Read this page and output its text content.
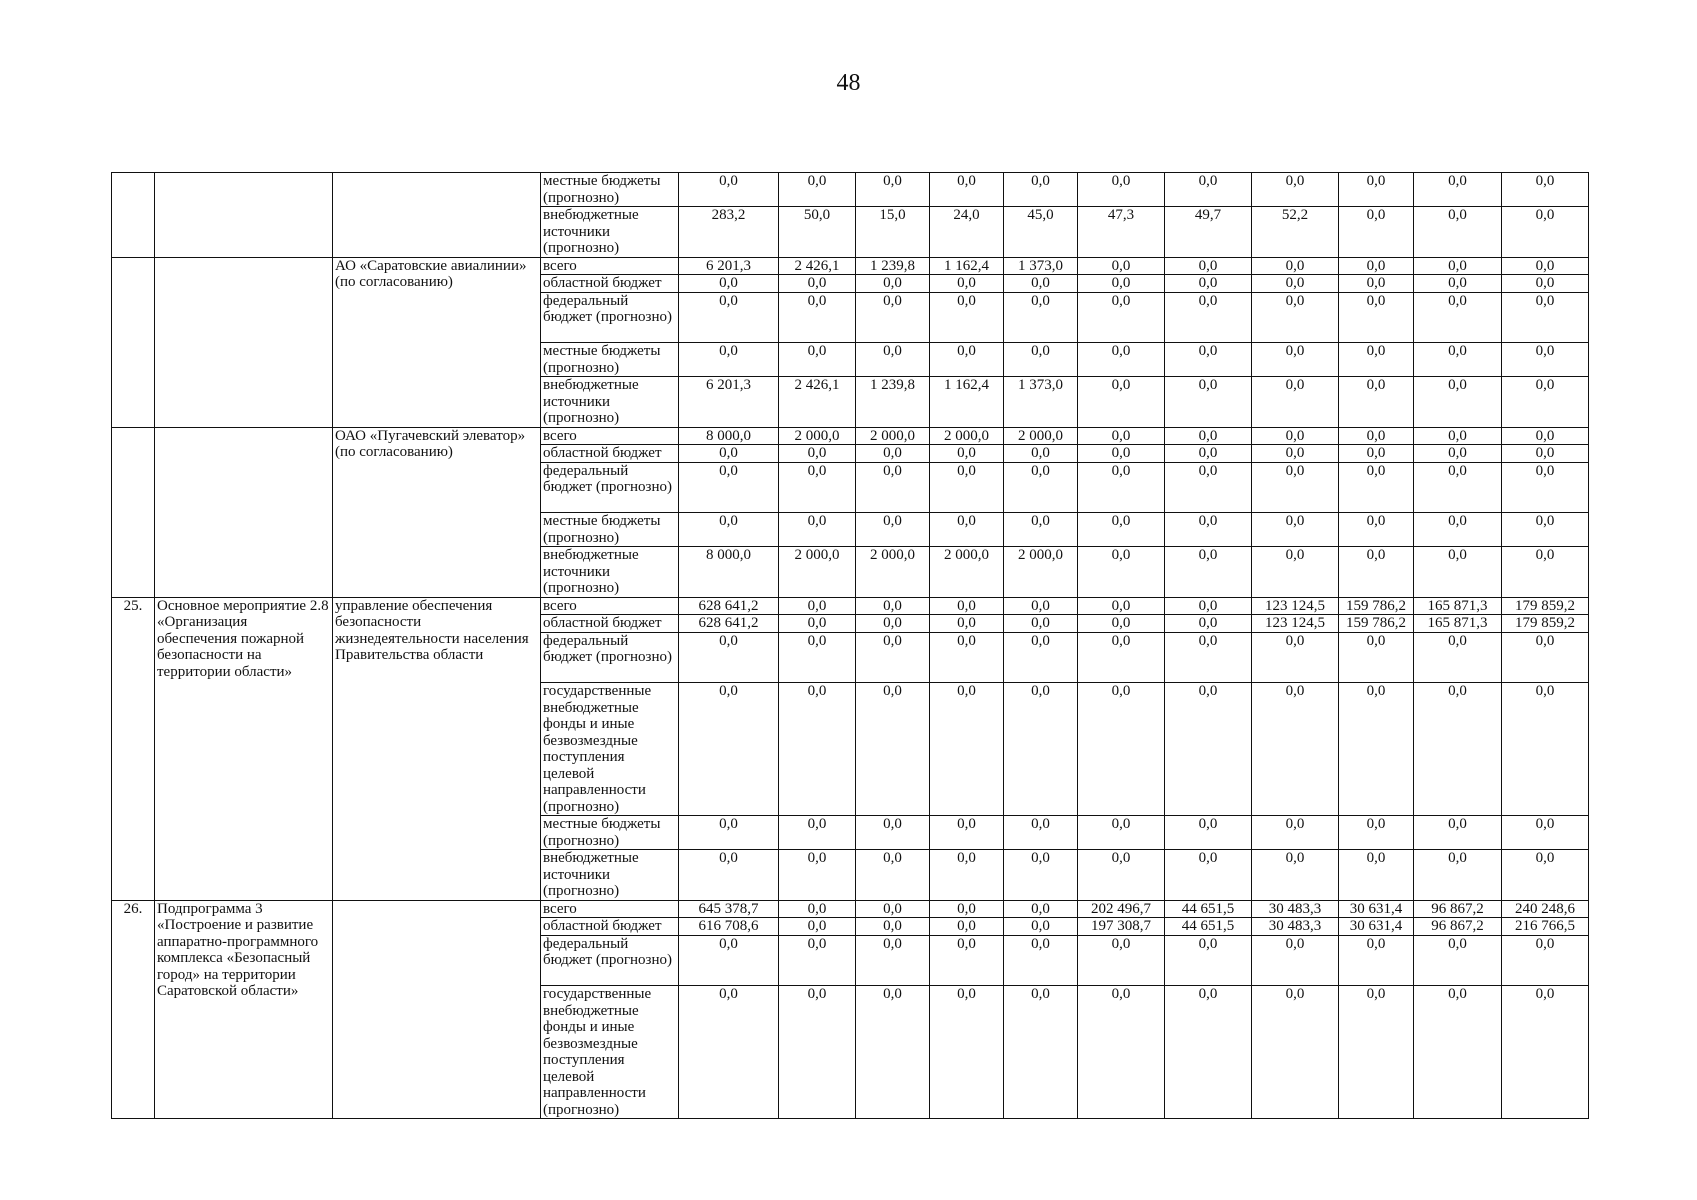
48
			местные бюджеты (прогнозно)	0,0	0,0	0,0	0,0	0,0	0,0	0,0	0,0	0,0	0,0	0,0
			внебюджетные источники (прогнозно)	283,2	50,0	15,0	24,0	45,0	47,3	49,7	52,2	0,0	0,0	0,0
		АО «Саратовские авиалинии» (по согласованию)	всего	6 201,3	2 426,1	1 239,8	1 162,4	1 373,0	0,0	0,0	0,0	0,0	0,0	0,0
			областной бюджет	0,0	0,0	0,0	0,0	0,0	0,0	0,0	0,0	0,0	0,0	0,0
			федеральный бюджет (прогнозно)	0,0	0,0	0,0	0,0	0,0	0,0	0,0	0,0	0,0	0,0	0,0
			местные бюджеты (прогнозно)	0,0	0,0	0,0	0,0	0,0	0,0	0,0	0,0	0,0	0,0	0,0
			внебюджетные источники (прогнозно)	6 201,3	2 426,1	1 239,8	1 162,4	1 373,0	0,0	0,0	0,0	0,0	0,0	0,0
		ОАО «Пугачевский элеватор» (по согласованию)	всего	8 000,0	2 000,0	2 000,0	2 000,0	2 000,0	0,0	0,0	0,0	0,0	0,0	0,0
			областной бюджет	0,0	0,0	0,0	0,0	0,0	0,0	0,0	0,0	0,0	0,0	0,0
			федеральный бюджет (прогнозно)	0,0	0,0	0,0	0,0	0,0	0,0	0,0	0,0	0,0	0,0	0,0
			местные бюджеты (прогнозно)	0,0	0,0	0,0	0,0	0,0	0,0	0,0	0,0	0,0	0,0	0,0
			внебюджетные источники (прогнозно)	8 000,0	2 000,0	2 000,0	2 000,0	2 000,0	0,0	0,0	0,0	0,0	0,0	0,0
25.	Основное мероприятие 2.8 «Организация обеспечения пожарной безопасности на территории области»	управление обеспечения безопасности жизнедеятельности населения Правительства области	всего	628 641,2	0,0	0,0	0,0	0,0	0,0	0,0	123 124,5	159 786,2	165 871,3	179 859,2
			областной бюджет	628 641,2	0,0	0,0	0,0	0,0	0,0	0,0	123 124,5	159 786,2	165 871,3	179 859,2
			федеральный бюджет (прогнозно)	0,0	0,0	0,0	0,0	0,0	0,0	0,0	0,0	0,0	0,0	0,0
			государственные внебюджетные фонды и иные безвозмездные поступления целевой направленности (прогнозно)	0,0	0,0	0,0	0,0	0,0	0,0	0,0	0,0	0,0	0,0	0,0
			местные бюджеты (прогнозно)	0,0	0,0	0,0	0,0	0,0	0,0	0,0	0,0	0,0	0,0	0,0
			внебюджетные источники (прогнозно)	0,0	0,0	0,0	0,0	0,0	0,0	0,0	0,0	0,0	0,0	0,0
26.	Подпрограмма 3 «Построение и развитие аппаратно-программного комплекса «Безопасный город» на территории Саратовской области»		всего	645 378,7	0,0	0,0	0,0	0,0	202 496,7	44 651,5	30 483,3	30 631,4	96 867,2	240 248,6
			областной бюджет	616 708,6	0,0	0,0	0,0	0,0	197 308,7	44 651,5	30 483,3	30 631,4	96 867,2	216 766,5
			федеральный бюджет (прогнозно)	0,0	0,0	0,0	0,0	0,0	0,0	0,0	0,0	0,0	0,0	0,0
			государственные внебюджетные фонды и иные безвозмездные поступления целевой направленности (прогнозно)	0,0	0,0	0,0	0,0	0,0	0,0	0,0	0,0	0,0	0,0	0,0
